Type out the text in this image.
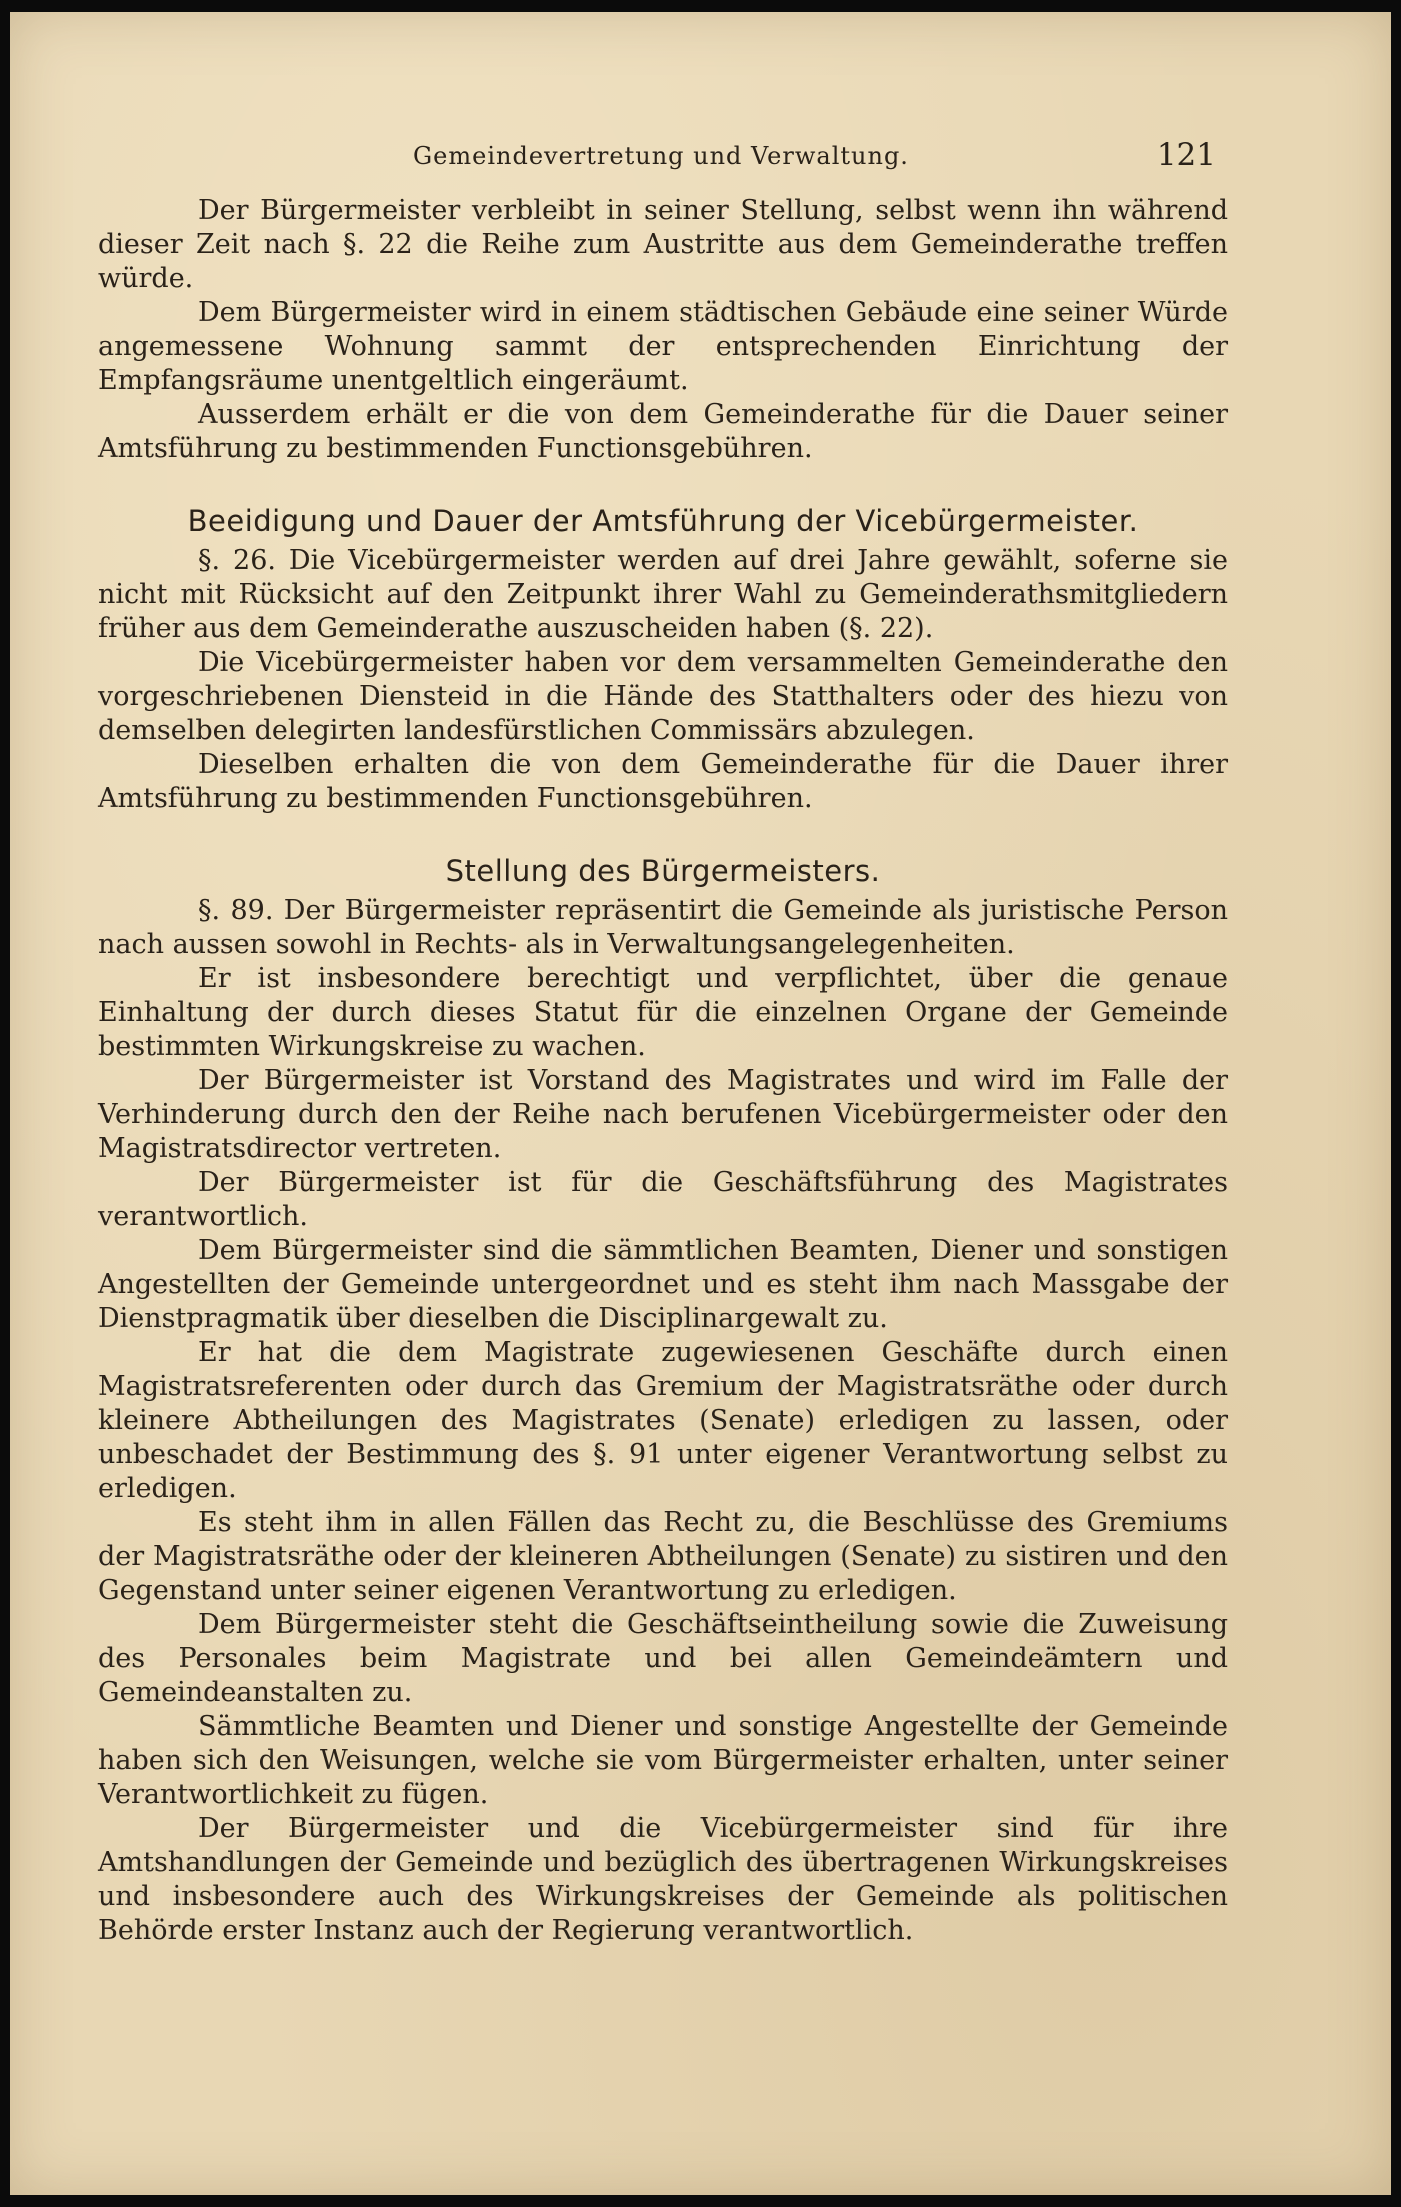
Gemeindevertretung und Verwaltung.	121

Der Bürgermeister verbleibt in seiner Stellung, selbst wenn ihn während dieser Zeit nach §. 22 die Reihe zum Austritte aus dem Gemeinderathe treffen würde.

Dem Bürgermeister wird in einem städtischen Gebäude eine seiner Würde angemessene Wohnung sammt der entsprechenden Einrichtung der Empfangsräume unentgeltlich eingeräumt.

Ausserdem erhält er die von dem Gemeinderathe für die Dauer seiner Amtsführung zu bestimmenden Functionsgebühren.

Beeidigung und Dauer der Amtsführung der Vicebürgermeister.

§. 26. Die Vicebürgermeister werden auf drei Jahre gewählt, soferne sie nicht mit Rücksicht auf den Zeitpunkt ihrer Wahl zu Gemeinderathsmitgliedern früher aus dem Gemeinderathe auszuscheiden haben (§. 22).

Die Vicebürgermeister haben vor dem versammelten Gemeinderathe den vorgeschriebenen Diensteid in die Hände des Statthalters oder des hiezu von demselben delegirten landesfürstlichen Commissärs abzulegen.

Dieselben erhalten die von dem Gemeinderathe für die Dauer ihrer Amtsführung zu bestimmenden Functionsgebühren.

Stellung des Bürgermeisters.

§. 89. Der Bürgermeister repräsentirt die Gemeinde als juristische Person nach aussen sowohl in Rechts- als in Verwaltungsangelegenheiten.

Er ist insbesondere berechtigt und verpflichtet, über die genaue Einhaltung der durch dieses Statut für die einzelnen Organe der Gemeinde bestimmten Wirkungskreise zu wachen.

Der Bürgermeister ist Vorstand des Magistrates und wird im Falle der Verhinderung durch den der Reihe nach berufenen Vicebürgermeister oder den Magistratsdirector vertreten.

Der Bürgermeister ist für die Geschäftsführung des Magistrates verantwortlich.

Dem Bürgermeister sind die sämmtlichen Beamten, Diener und sonstigen Angestellten der Gemeinde untergeordnet und es steht ihm nach Massgabe der Dienstpragmatik über dieselben die Disciplinargewalt zu.

Er hat die dem Magistrate zugewiesenen Geschäfte durch einen Magistratsreferenten oder durch das Gremium der Magistratsräthe oder durch kleinere Abtheilungen des Magistrates (Senate) erledigen zu lassen, oder unbeschadet der Bestimmung des §. 91 unter eigener Verantwortung selbst zu erledigen.

Es steht ihm in allen Fällen das Recht zu, die Beschlüsse des Gremiums der Magistratsräthe oder der kleineren Abtheilungen (Senate) zu sistiren und den Gegenstand unter seiner eigenen Verantwortung zu erledigen.

Dem Bürgermeister steht die Geschäftseintheilung sowie die Zuweisung des Personales beim Magistrate und bei allen Gemeindeämtern und Gemeindeanstalten zu.

Sämmtliche Beamten und Diener und sonstige Angestellte der Gemeinde haben sich den Weisungen, welche sie vom Bürgermeister erhalten, unter seiner Verantwortlichkeit zu fügen.

Der Bürgermeister und die Vicebürgermeister sind für ihre Amtshandlungen der Gemeinde und bezüglich des übertragenen Wirkungskreises und insbesondere auch des Wirkungskreises der Gemeinde als politischen Behörde erster Instanz auch der Regierung verantwortlich.
